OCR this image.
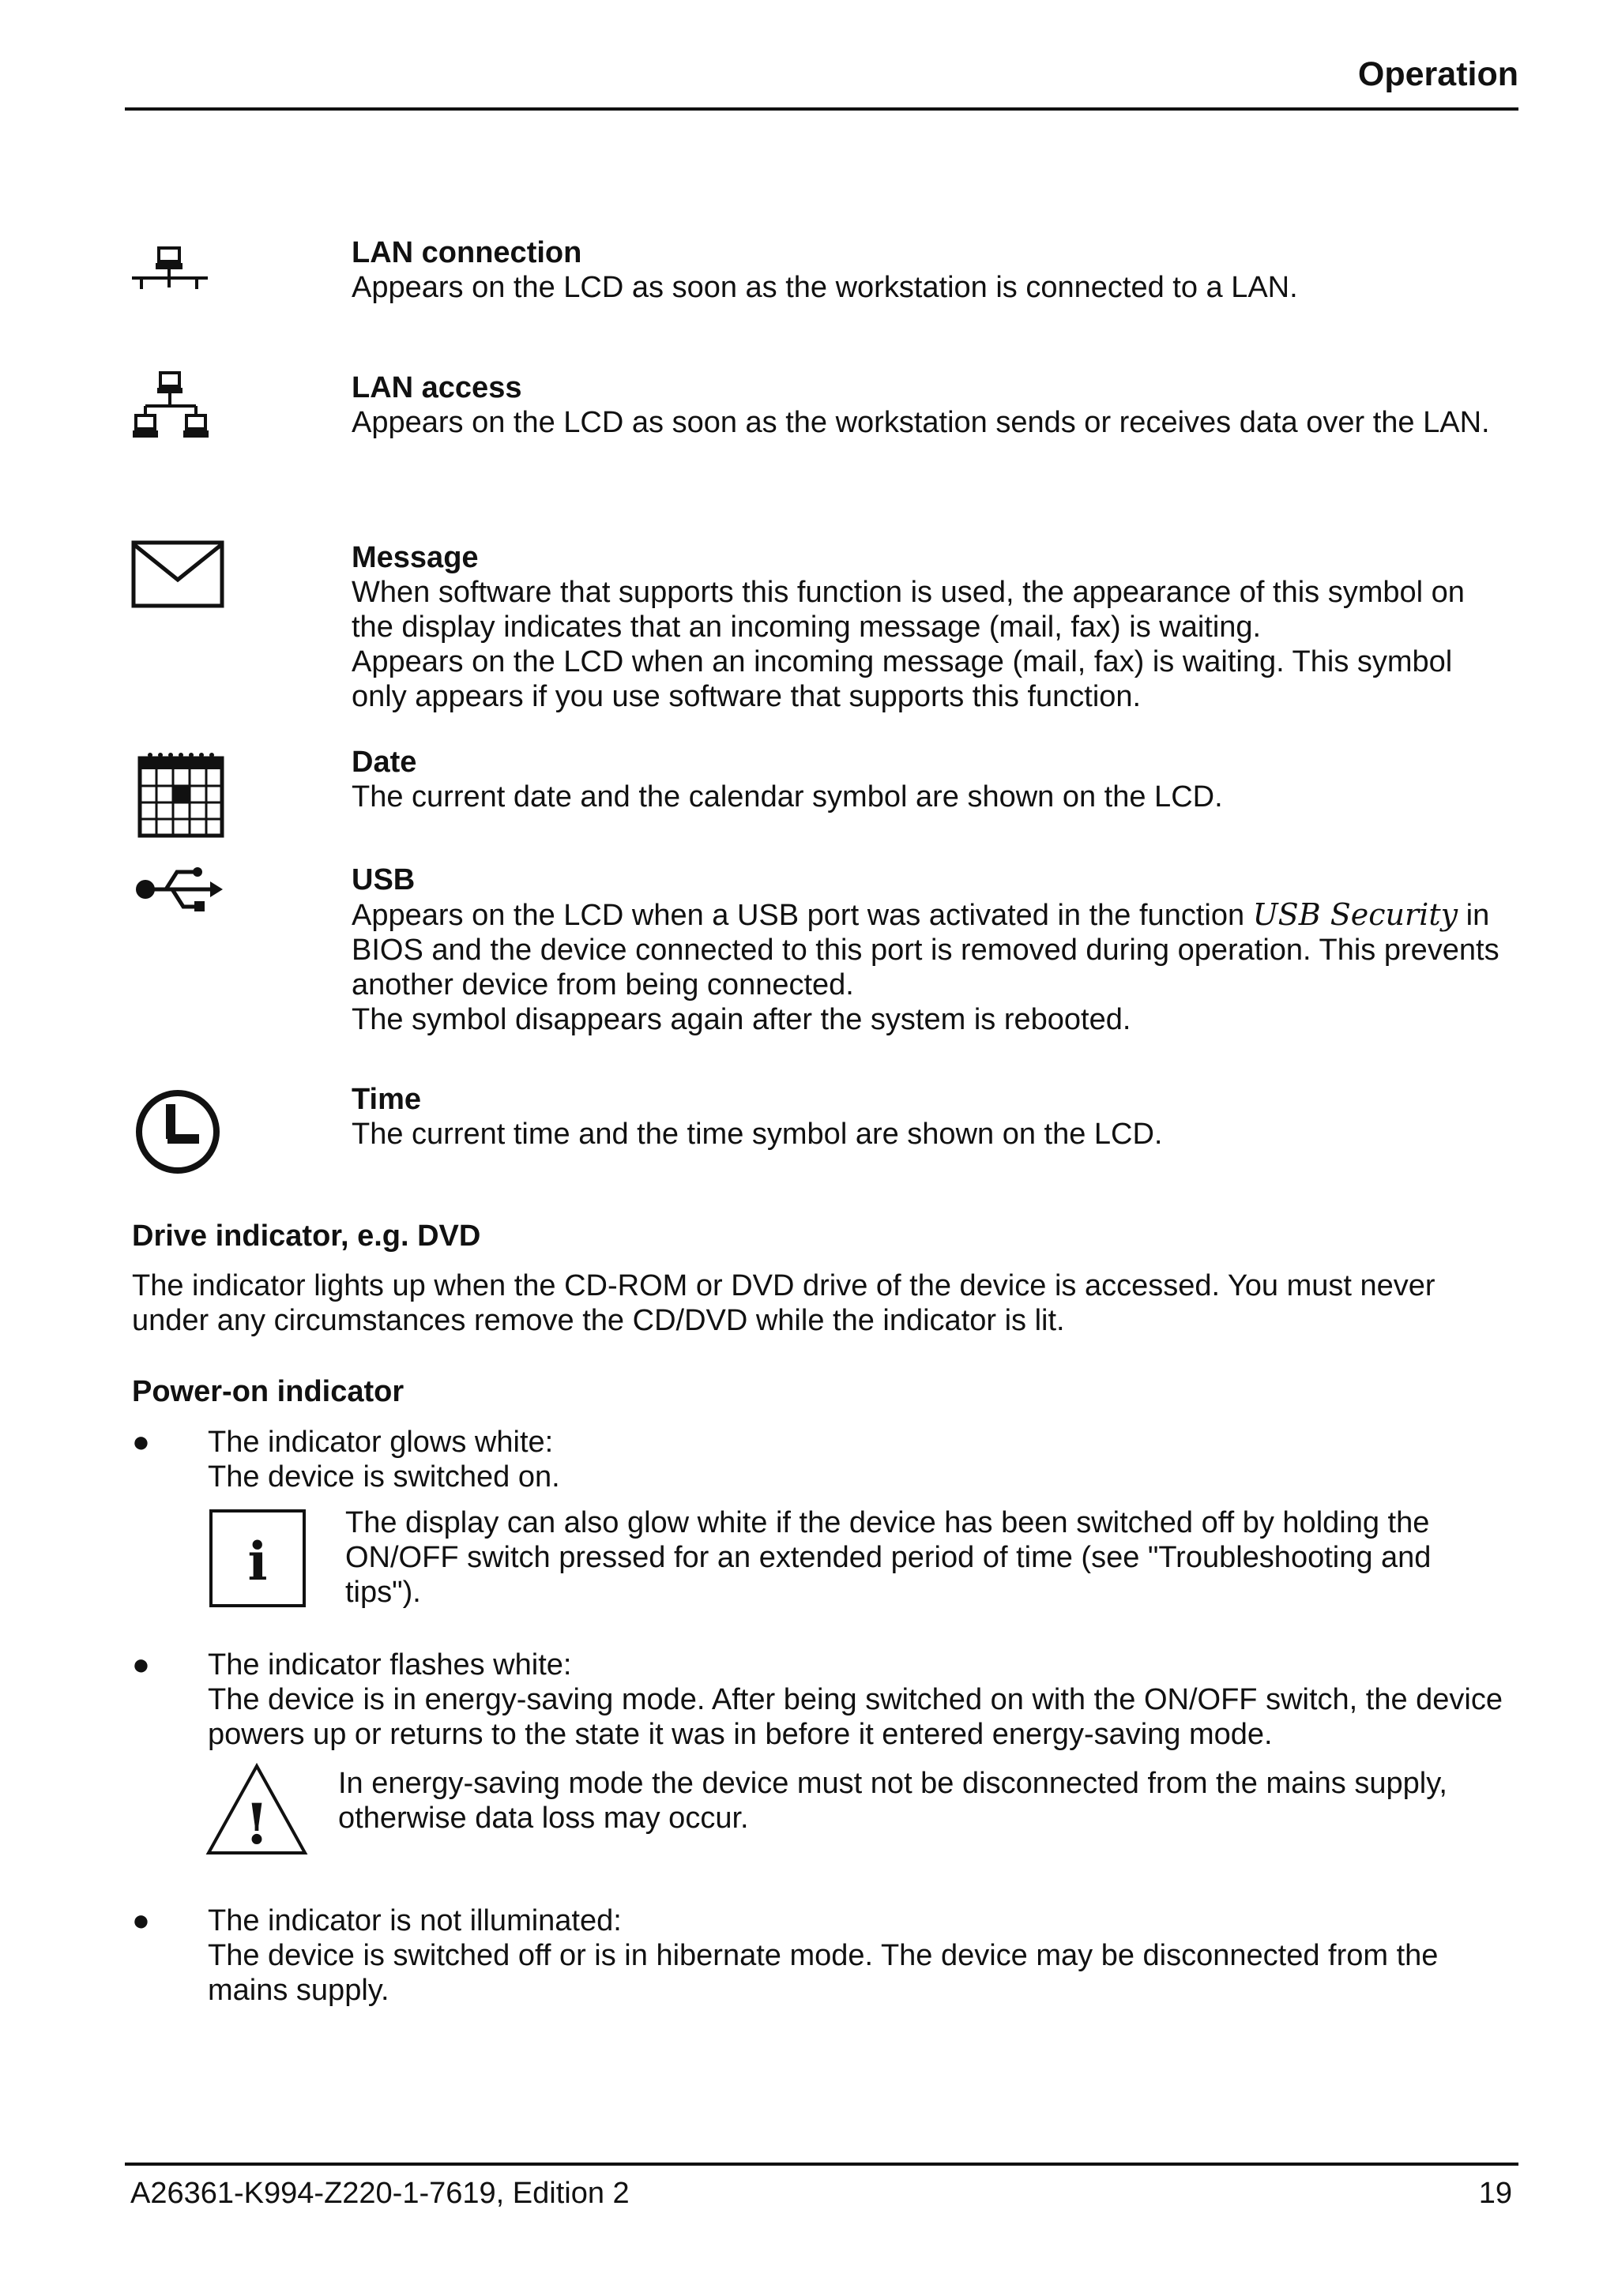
Operation
LAN connection

Appears on the LCD as soon as the workstation is connected to a LAN.

LAN access

Appears on the LCD as soon as the workstation sends or receives data over the LAN.

Message

When software that supports this function is used, the appearance of this symbol on the display indicates that an incoming message (mail, fax) is waiting.

Appears on the LCD when an incoming message (mail, fax) is waiting. This symbol only appears if you use software that supports this function.

Date

The current date and the calendar symbol are shown on the LCD.

USB

Appears on the LCD when a USB port was activated in the function USB Security in BIOS and the device connected to this port is removed during operation. This prevents another device from being connected.

The symbol disappears again after the system is rebooted.

Time

The current time and the time symbol are shown on the LCD.

Drive indicator, e.g. DVD
The indicator lights up when the CD-ROM or DVD drive of the device is accessed. You must never under any circumstances remove the CD/DVD while the indicator is lit.
Power-on indicator
● The indicator glows white:
The device is switched on.
i
The display can also glow white if the device has been switched off by holding the ON/OFF switch pressed for an extended period of time (see "Troubleshooting and tips").
● The indicator flashes white:
The device is in energy-saving mode. After being switched on with the ON/OFF switch, the device powers up or returns to the state it was in before it entered energy-saving mode.
!
In energy-saving mode the device must not be disconnected from the mains supply, otherwise data loss may occur.
● The indicator is not illuminated:
The device is switched off or is in hibernate mode. The device may be disconnected from the mains supply.
A26361-K994-Z220-1-7619, Edition 2	19
